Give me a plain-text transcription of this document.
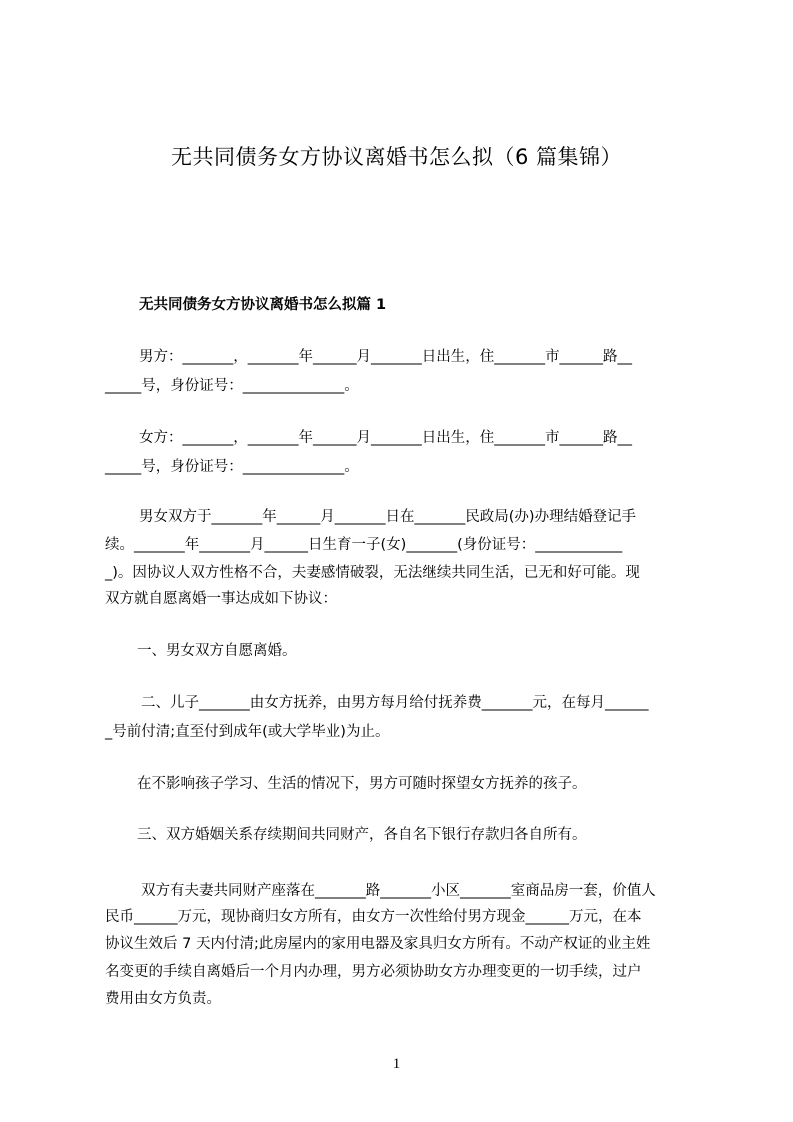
无共同债务女方协议离婚书怎么拟（6 篇集锦）
无共同债务女方协议离婚书怎么拟篇 1
男方：_______，_______年______月_______日出生，住_______市______路__
_____号，身份证号：______________。
女方：_______，_______年______月_______日出生，住_______市______路__
_____号，身份证号：______________。
男女双方于_______年______月_______日在_______民政局(办)办理结婚登记手
续。_______年_______月______日生育一子(女)_______(身份证号：____________
_)。因协议人双方性格不合，夫妻感情破裂，无法继续共同生活，已无和好可能。现
双方就自愿离婚一事达成如下协议：
一、男女双方自愿离婚。
二、儿子_______由女方抚养，由男方每月给付抚养费_______元，在每月______
_号前付清;直至付到成年(或大学毕业)为止。
在不影响孩子学习、生活的情况下，男方可随时探望女方抚养的孩子。
三、双方婚姻关系存续期间共同财产，各自名下银行存款归各自所有。
双方有夫妻共同财产座落在_______路_______小区_______室商品房一套，价值人
民币______万元，现协商归女方所有，由女方一次性给付男方现金______万元，在本
协议生效后 7 天内付清;此房屋内的家用电器及家具归女方所有。不动产权证的业主姓
名变更的手续自离婚后一个月内办理，男方必须协助女方办理变更的一切手续，过户
费用由女方负责。
1
